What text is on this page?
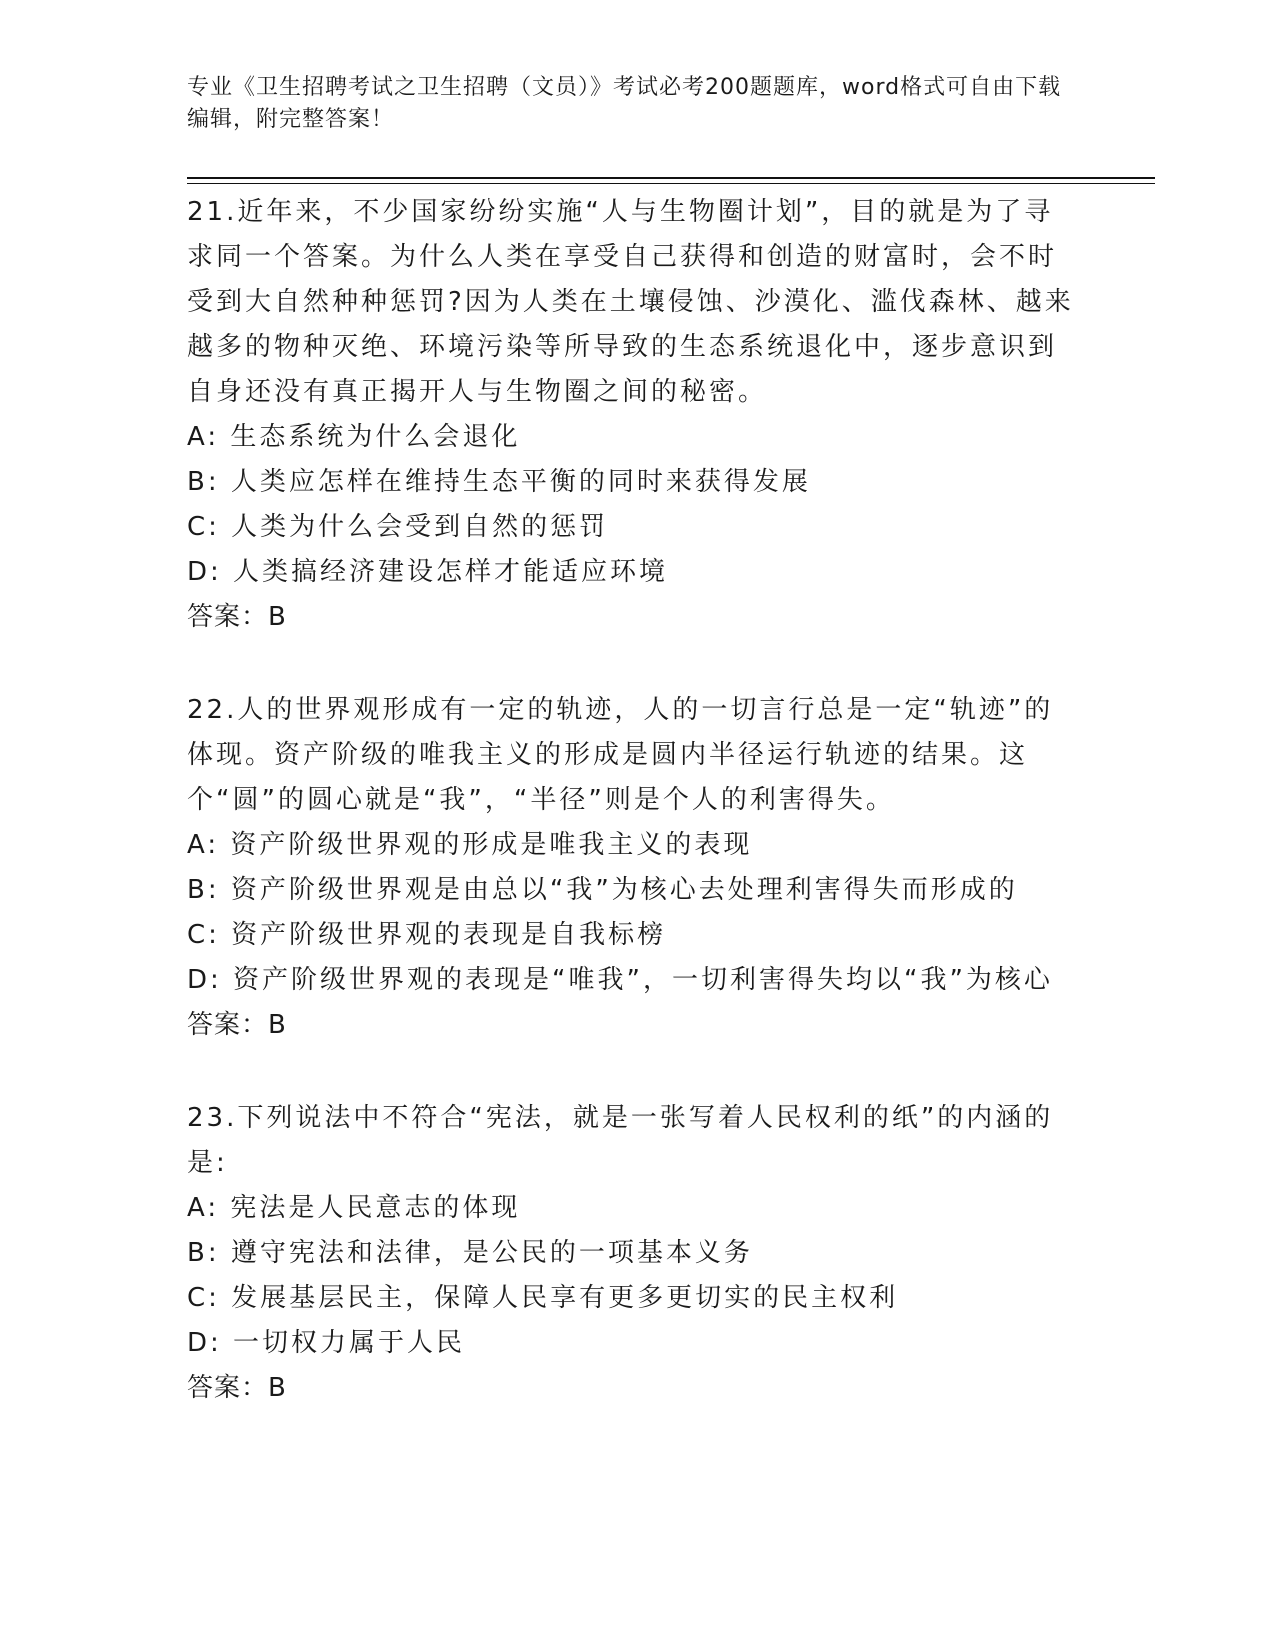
专业《卫生招聘考试之卫生招聘（文员）》考试必考200题题库，word格式可自由下载编辑，附完整答案！
21.近年来，不少国家纷纷实施“人与生物圈计划”，目的就是为了寻求同一个答案。为什么人类在享受自己获得和创造的财富时，会不时受到大自然种种惩罚?因为人类在土壤侵蚀、沙漠化、滥伐森林、越来越多的物种灭绝、环境污染等所导致的生态系统退化中，逐步意识到自身还没有真正揭开人与生物圈之间的秘密。
A: 生态系统为什么会退化
B: 人类应怎样在维持生态平衡的同时来获得发展
C: 人类为什么会受到自然的惩罚
D: 人类搞经济建设怎样才能适应环境
答案：B
22.人的世界观形成有一定的轨迹，人的一切言行总是一定“轨迹”的体现。资产阶级的唯我主义的形成是圆内半径运行轨迹的结果。这个“圆”的圆心就是“我”，“半径”则是个人的利害得失。
A: 资产阶级世界观的形成是唯我主义的表现
B: 资产阶级世界观是由总以“我”为核心去处理利害得失而形成的
C: 资产阶级世界观的表现是自我标榜
D: 资产阶级世界观的表现是“唯我”，一切利害得失均以“我”为核心
答案：B
23.下列说法中不符合“宪法，就是一张写着人民权利的纸”的内涵的是:
A: 宪法是人民意志的体现
B: 遵守宪法和法律，是公民的一项基本义务
C: 发展基层民主，保障人民享有更多更切实的民主权利
D: 一切权力属于人民
答案：B
